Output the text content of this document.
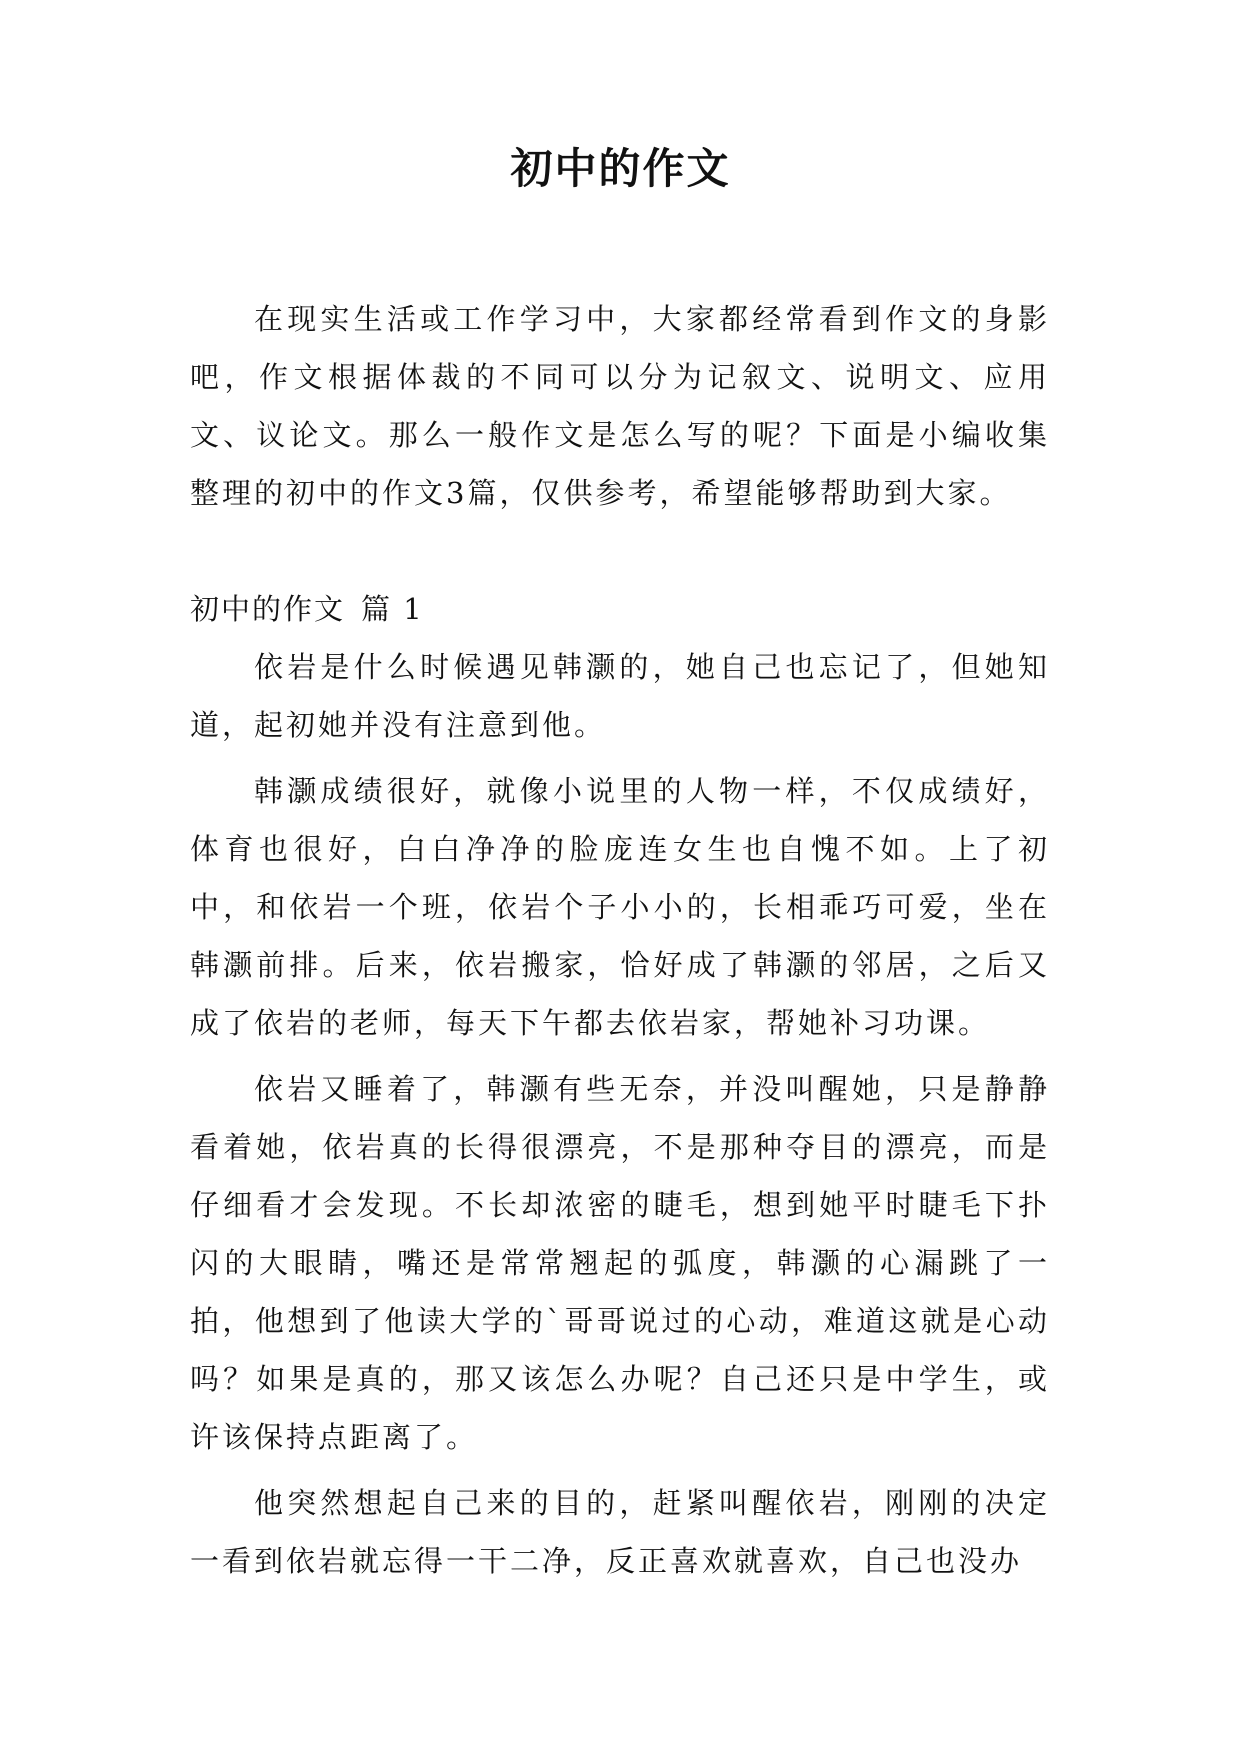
初中的作文

在现实生活或工作学习中，大家都经常看到作文的身影吧，作文根据体裁的不同可以分为记叙文、说明文、应用文、议论文。那么一般作文是怎么写的呢？下面是小编收集整理的初中的作文3篇，仅供参考，希望能够帮助到大家。

初中的作文 篇 1

依岩是什么时候遇见韩灏的，她自己也忘记了，但她知道，起初她并没有注意到他。

韩灏成绩很好，就像小说里的人物一样，不仅成绩好，体育也很好，白白净净的脸庞连女生也自愧不如。上了初中，和依岩一个班，依岩个子小小的，长相乖巧可爱，坐在韩灏前排。后来，依岩搬家，恰好成了韩灏的邻居，之后又成了依岩的老师，每天下午都去依岩家，帮她补习功课。

依岩又睡着了，韩灏有些无奈，并没叫醒她，只是静静看着她，依岩真的长得很漂亮，不是那种夺目的漂亮，而是仔细看才会发现。不长却浓密的睫毛，想到她平时睫毛下扑闪的大眼睛，嘴还是常常翘起的弧度，韩灏的心漏跳了一拍，他想到了他读大学的`哥哥说过的心动，难道这就是心动吗？如果是真的，那又该怎么办呢？自己还只是中学生，或许该保持点距离了。

他突然想起自己来的目的，赶紧叫醒依岩，刚刚的决定一看到依岩就忘得一干二净，反正喜欢就喜欢，自己也没办
